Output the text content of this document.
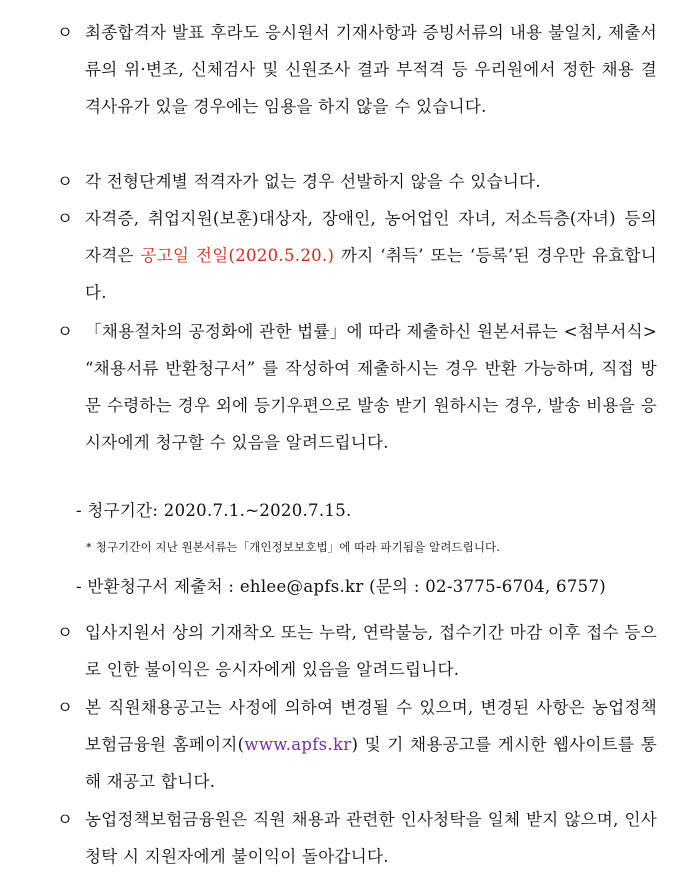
ㅇ 최종합격자 발표 후라도 응시원서 기재사항과 증빙서류의 내용 불일치, 제출서류의 위·변조, 신체검사 및 신원조사 결과 부적격 등 우리원에서 정한 채용 결격사유가 있을 경우에는 임용을 하지 않을 수 있습니다.
ㅇ 각 전형단계별 적격자가 없는 경우 선발하지 않을 수 있습니다.
ㅇ 자격증, 취업지원(보훈)대상자, 장애인, 농어업인 자녀, 저소득층(자녀) 등의 자격은 공고일 전일(2020.5.20.) 까지 ‘취득’ 또는 ‘등록’된 경우만 유효합니다.
ㅇ 「채용절차의 공정화에 관한 법률」에 따라 제출하신 원본서류는 <첨부서식> “채용서류 반환청구서” 를 작성하여 제출하시는 경우 반환 가능하며, 직접 방문 수령하는 경우 외에 등기우편으로 발송 받기 원하시는 경우, 발송 비용을 응시자에게 청구할 수 있음을 알려드립니다.
- 청구기간: 2020.7.1.~2020.7.15.
* 청구기간이 지난 원본서류는「개인정보보호법」에 따라 파기됨을 알려드립니다.
- 반환청구서 제출처 : ehlee@apfs.kr (문의 : 02-3775-6704, 6757)
ㅇ 입사지원서 상의 기재착오 또는 누락, 연락불능, 접수기간 마감 이후 접수 등으로 인한 불이익은 응시자에게 있음을 알려드립니다.
ㅇ 본 직원채용공고는 사정에 의하여 변경될 수 있으며, 변경된 사항은 농업정책보험금융원 홈페이지(www.apfs.kr) 및 기 채용공고를 게시한 웹사이트를 통해 재공고 합니다.
ㅇ 농업정책보험금융원은 직원 채용과 관련한 인사청탁을 일체 받지 않으며, 인사 청탁 시 지원자에게 불이익이 돌아갑니다.
